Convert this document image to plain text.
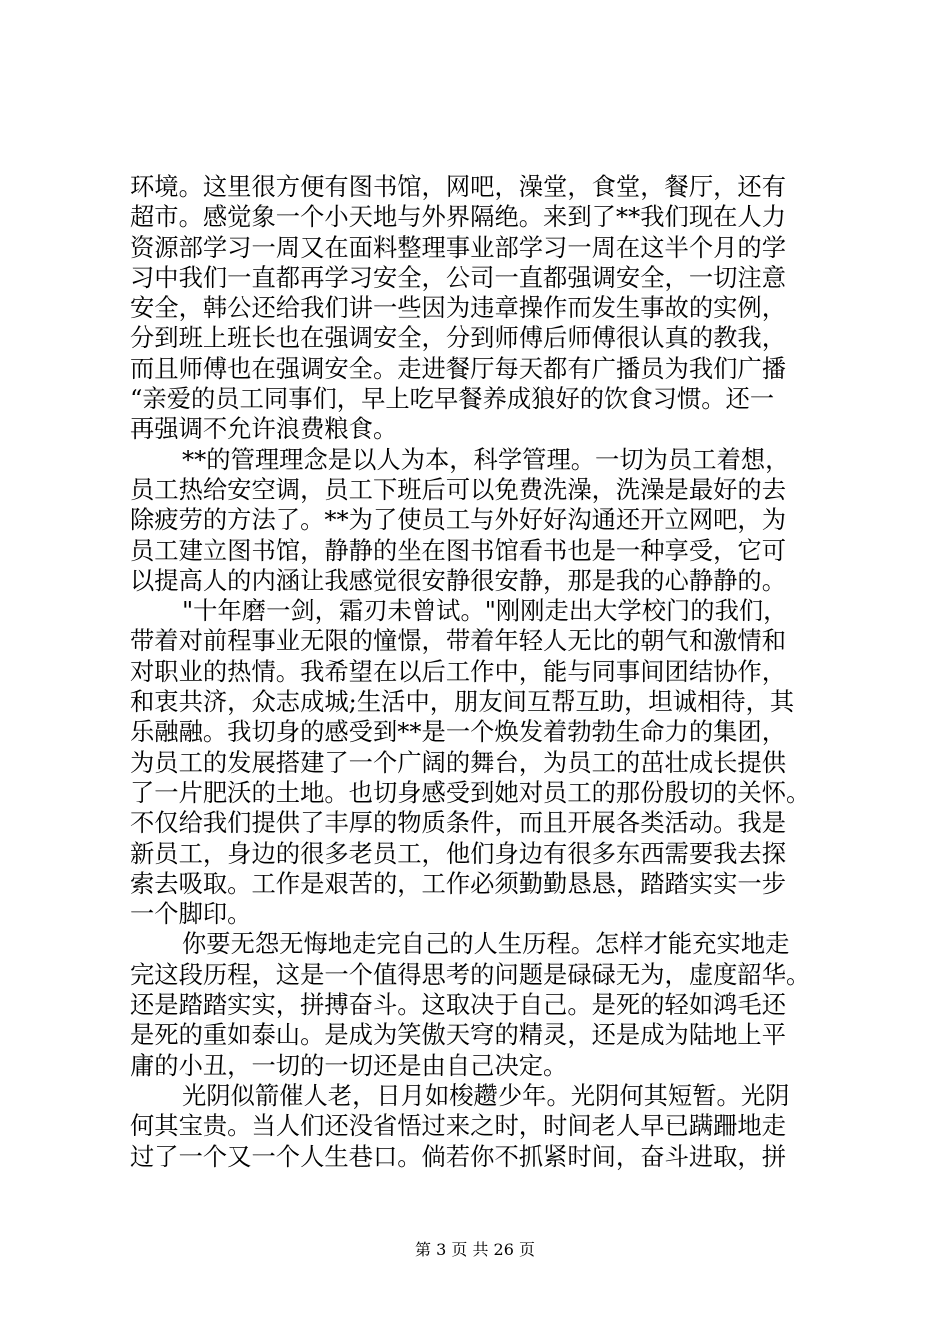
环境。这里很方便有图书馆，网吧，澡堂，食堂，餐厅，还有
超市。感觉象一个小天地与外界隔绝。来到了**我们现在人力
资源部学习一周又在面料整理事业部学习一周在这半个月的学
习中我们一直都再学习安全，公司一直都强调安全，一切注意
安全，韩公还给我们讲一些因为违章操作而发生事故的实例，
分到班上班长也在强调安全，分到师傅后师傅很认真的教我，
而且师傅也在强调安全。走进餐厅每天都有广播员为我们广播
“亲爱的员工同事们，早上吃早餐养成狼好的饮食习惯。还一
再强调不允许浪费粮食。
**的管理理念是以人为本，科学管理。一切为员工着想，
员工热给安空调，员工下班后可以免费洗澡，洗澡是最好的去
除疲劳的方法了。**为了使员工与外好好沟通还开立网吧，为
员工建立图书馆，静静的坐在图书馆看书也是一种享受，它可
以提高人的内涵让我感觉很安静很安静，那是我的心静静的。
"十年磨一剑，霜刃未曾试。"刚刚走出大学校门的我们，
带着对前程事业无限的憧憬，带着年轻人无比的朝气和激情和
对职业的热情。我希望在以后工作中，能与同事间团结协作，
和衷共济，众志成城;生活中，朋友间互帮互助，坦诚相待，其
乐融融。我切身的感受到**是一个焕发着勃勃生命力的集团，
为员工的发展搭建了一个广阔的舞台，为员工的茁壮成长提供
了一片肥沃的土地。也切身感受到她对员工的那份殷切的关怀。
不仅给我们提供了丰厚的物质条件，而且开展各类活动。我是
新员工，身边的很多老员工，他们身边有很多东西需要我去探
索去吸取。工作是艰苦的，工作必须勤勤恳恳，踏踏实实一步
一个脚印。
你要无怨无悔地走完自己的人生历程。怎样才能充实地走
完这段历程，这是一个值得思考的问题是碌碌无为，虚度韶华。
还是踏踏实实，拼搏奋斗。这取决于自己。是死的轻如鸿毛还
是死的重如泰山。是成为笑傲天穹的精灵，还是成为陆地上平
庸的小丑，一切的一切还是由自己决定。
光阴似箭催人老，日月如梭趱少年。光阴何其短暂。光阴
何其宝贵。当人们还没省悟过来之时，时间老人早已蹒跚地走
过了一个又一个人生巷口。倘若你不抓紧时间，奋斗进取，拼
第 3 页 共 26 页
